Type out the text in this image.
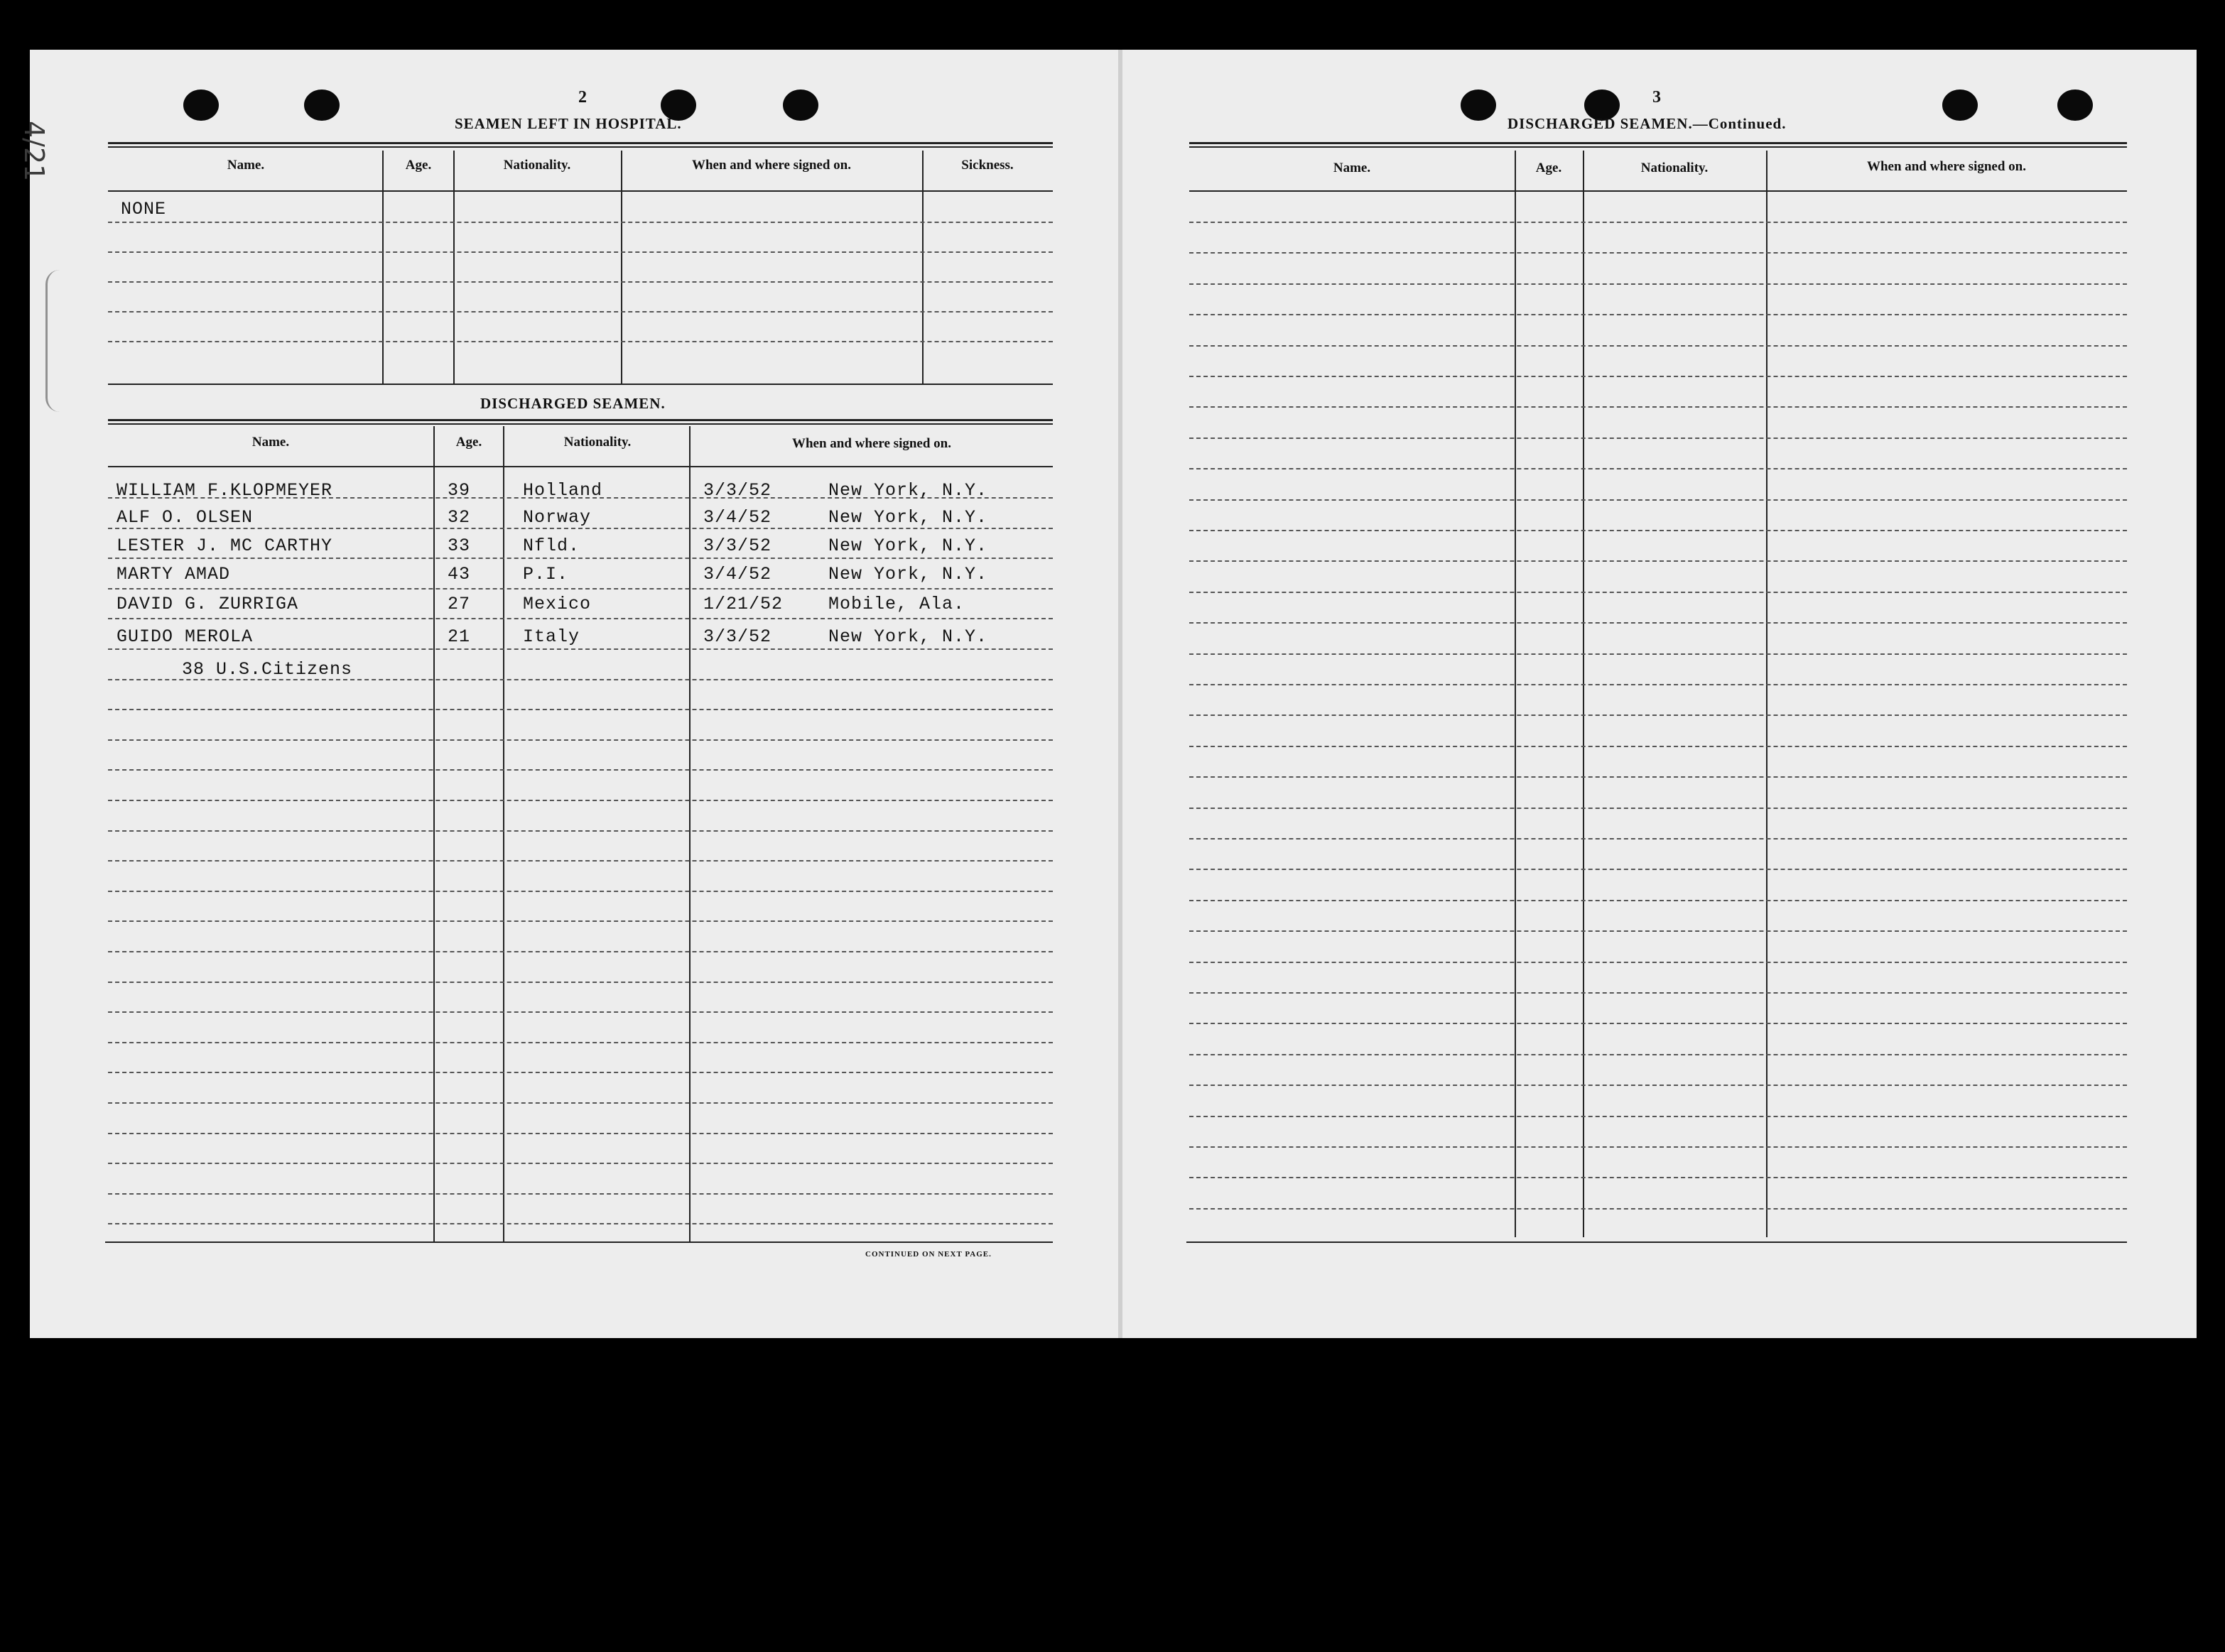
4/21
2
SEAMEN LEFT IN HOSPITAL.
Name.	Age.	Nationality.	When and where signed on.	Sickness.
NONE
DISCHARGED SEAMEN.
Name.	Age.	Nationality.	When and where signed on.
WILLIAM F.KLOPMEYER	39	Holland	3/3/52	New York, N.Y.
ALF O. OLSEN	32	Norway	3/4/52	New York, N.Y.
LESTER J. MC CARTHY	33	Nfld.	3/3/52	New York, N.Y.
MARTY AMAD	43	P.I.	3/4/52	New York, N.Y.
DAVID G. ZURRIGA	27	Mexico	1/21/52	Mobile, Ala.
GUIDO MEROLA	21	Italy	3/3/52	New York, N.Y.
38 U.S.Citizens
CONTINUED ON NEXT PAGE.
3
DISCHARGED SEAMEN.—Continued.
Name.	Age.	Nationality.	When and where signed on.
